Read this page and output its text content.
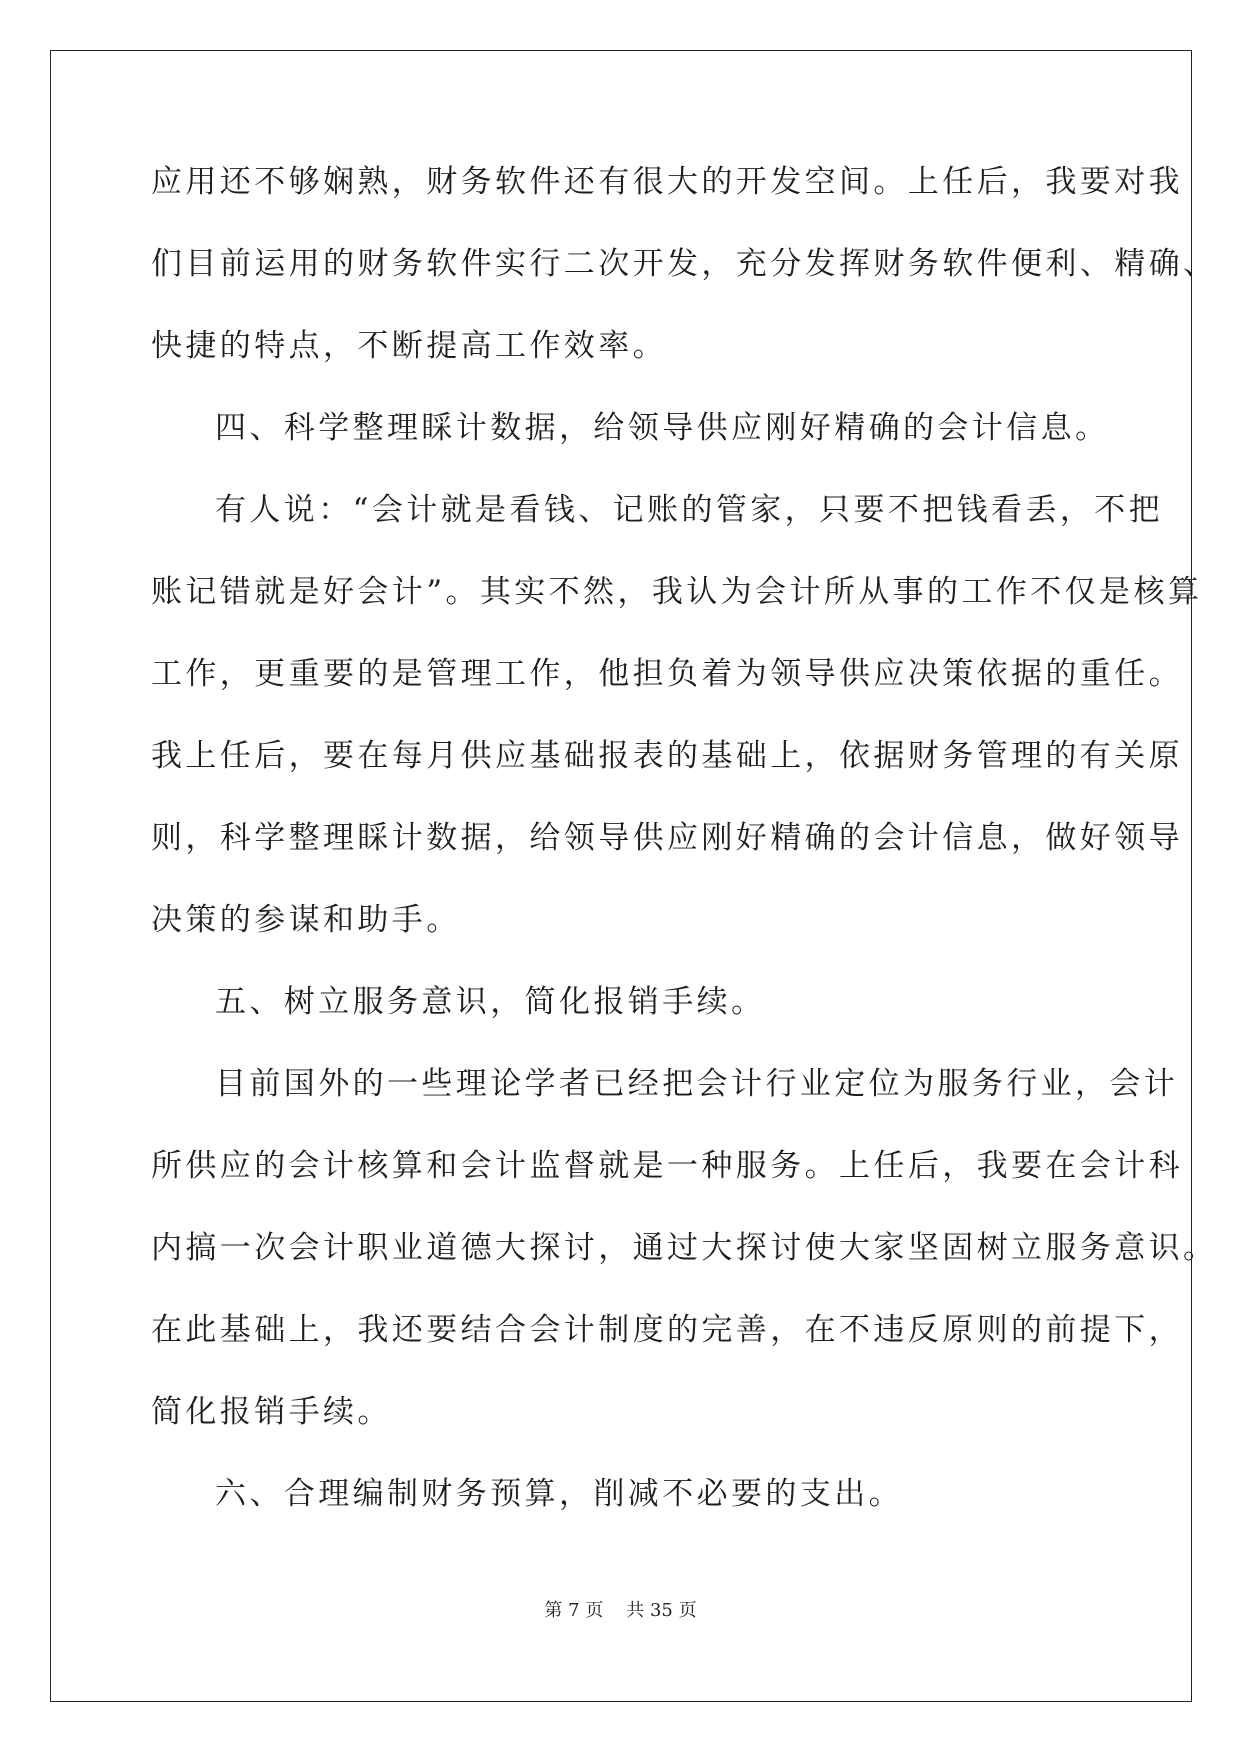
应用还不够娴熟，财务软件还有很大的开发空间。上任后，我要对我
们目前运用的财务软件实行二次开发，充分发挥财务软件便利、精确、
快捷的特点，不断提高工作效率。
四、科学整理睬计数据，给领导供应刚好精确的会计信息。
有人说：“会计就是看钱、记账的管家，只要不把钱看丢，不把
账记错就是好会计”。其实不然，我认为会计所从事的工作不仅是核算
工作，更重要的是管理工作，他担负着为领导供应决策依据的重任。
我上任后，要在每月供应基础报表的基础上，依据财务管理的有关原
则，科学整理睬计数据，给领导供应刚好精确的会计信息，做好领导
决策的参谋和助手。
五、树立服务意识，简化报销手续。
目前国外的一些理论学者已经把会计行业定位为服务行业，会计
所供应的会计核算和会计监督就是一种服务。上任后，我要在会计科
内搞一次会计职业道德大探讨，通过大探讨使大家坚固树立服务意识。
在此基础上，我还要结合会计制度的完善，在不违反原则的前提下，
简化报销手续。
六、合理编制财务预算，削减不必要的支出。
第 7 页 共 35 页
